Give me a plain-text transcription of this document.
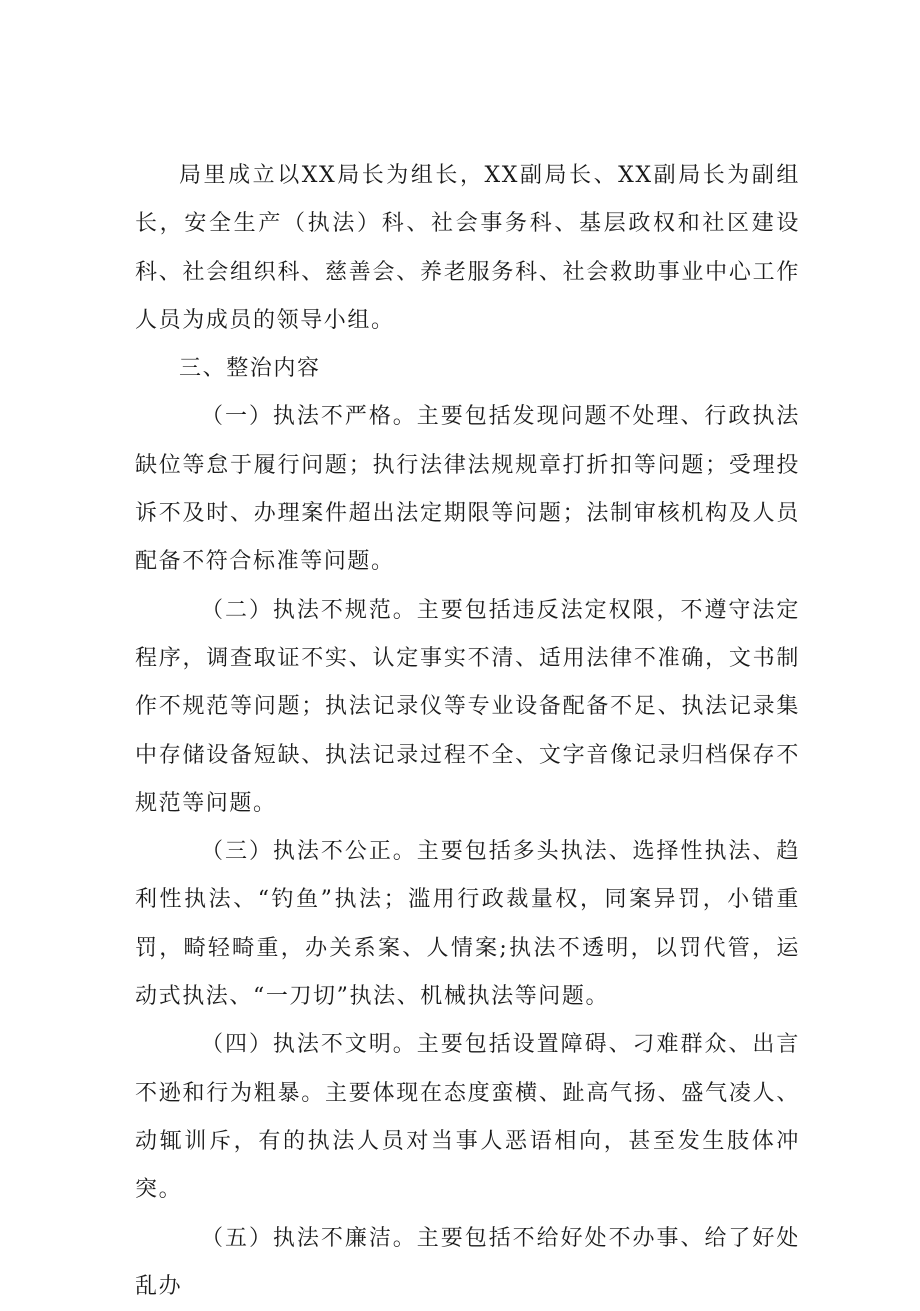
局里成立以XX局长为组长，XX副局长、XX副局长为副组长，安全生产（执法）科、社会事务科、基层政权和社区建设科、社会组织科、慈善会、养老服务科、社会救助事业中心工作人员为成员的领导小组。

三、整治内容

（一）执法不严格。主要包括发现问题不处理、行政执法缺位等怠于履行问题；执行法律法规规章打折扣等问题；受理投诉不及时、办理案件超出法定期限等问题；法制审核机构及人员配备不符合标准等问题。

（二）执法不规范。主要包括违反法定权限，不遵守法定程序，调查取证不实、认定事实不清、适用法律不准确，文书制作不规范等问题；执法记录仪等专业设备配备不足、执法记录集中存储设备短缺、执法记录过程不全、文字音像记录归档保存不规范等问题。

（三）执法不公正。主要包括多头执法、选择性执法、趋利性执法、“钓鱼”执法；滥用行政裁量权，同案异罚，小错重罚，畸轻畸重，办关系案、人情案;执法不透明，以罚代管，运动式执法、“一刀切”执法、机械执法等问题。

（四）执法不文明。主要包括设置障碍、刁难群众、出言不逊和行为粗暴。主要体现在态度蛮横、趾高气扬、盛气凌人、动辄训斥，有的执法人员对当事人恶语相向，甚至发生肢体冲突。

（五）执法不廉洁。主要包括不给好处不办事、给了好处乱办
